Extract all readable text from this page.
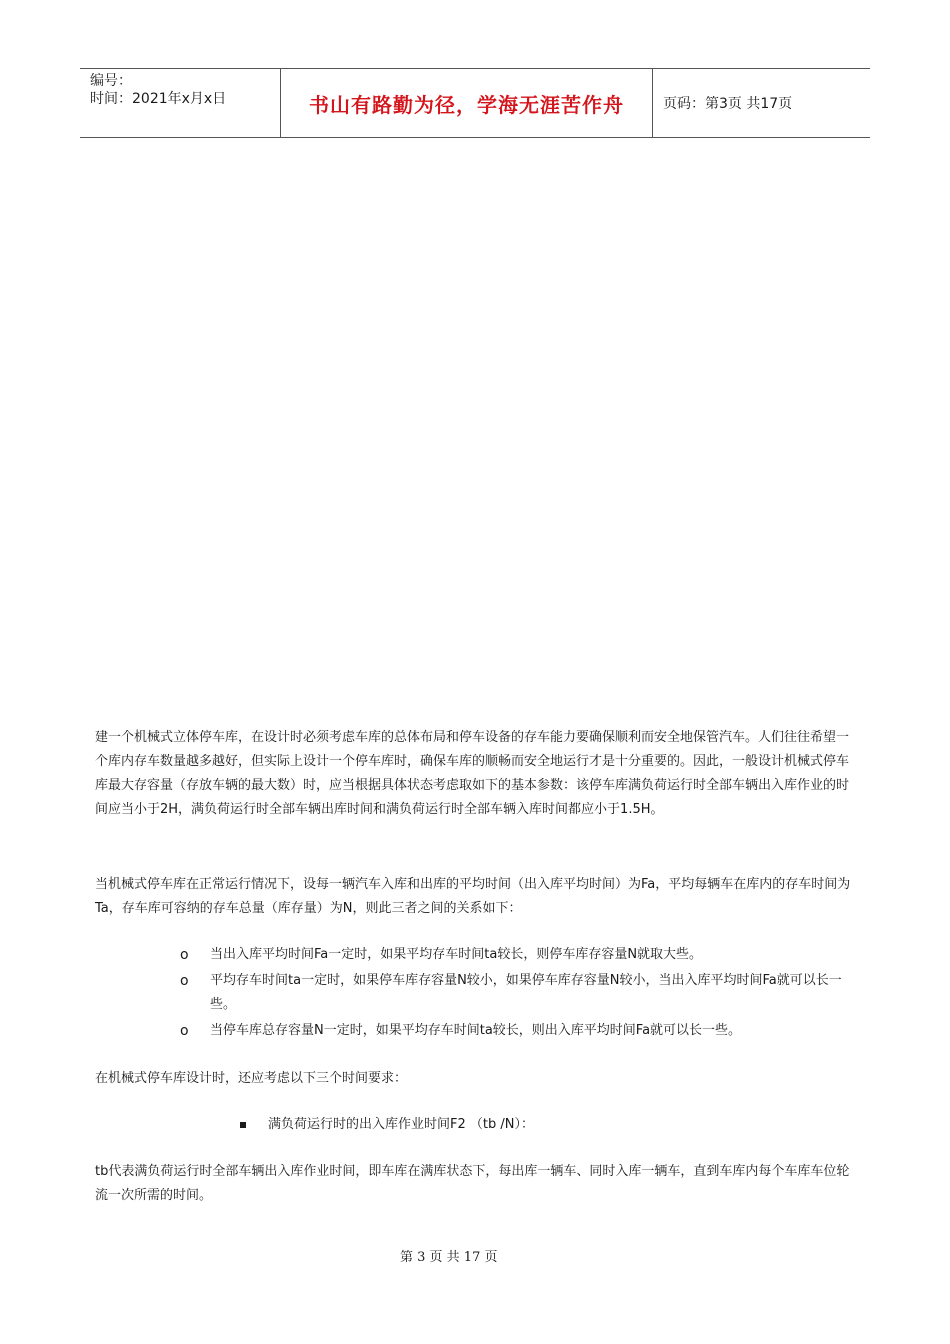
编号：
时间：2021年x月x日	书山有路勤为径，学海无涯苦作舟	页码：第3页 共17页

建一个机械式立体停车库，在设计时必须考虑车库的总体布局和停车设备的存车能力要确保顺利而安全地保管汽车。人们往往希望一个库内存车数量越多越好，但实际上设计一个停车库时，确保车库的顺畅而安全地运行才是十分重要的。因此，一般设计机械式停车库最大存容量（存放车辆的最大数）时，应当根据具体状态考虑取如下的基本参数：该停车库满负荷运行时全部车辆出入库作业的时间应当小于2H，满负荷运行时全部车辆出库时间和满负荷运行时全部车辆入库时间都应小于1.5H。

当机械式停车库在正常运行情况下，设每一辆汽车入库和出库的平均时间（出入库平均时间）为Fa，平均每辆车在库内的存车时间为Ta，存车库可容纳的存车总量（库存量）为N，则此三者之间的关系如下：

o	当出入库平均时间Fa一定时，如果平均存车时间ta较长，则停车库存容量N就取大些。
o	平均存车时间ta一定时，如果停车库存容量N较小，如果停车库存容量N较小，当出入库平均时间Fa就可以长一些。
o	当停车库总存容量N一定时，如果平均存车时间ta较长，则出入库平均时间Fa就可以长一些。

在机械式停车库设计时，还应考虑以下三个时间要求：

满负荷运行时的出入库作业时间F2 （tb /N）：

tb代表满负荷运行时全部车辆出入库作业时间，即车库在满库状态下，每出库一辆车、同时入库一辆车，直到车库内每个车库车位轮流一次所需的时间。

第 3 页 共 17 页
